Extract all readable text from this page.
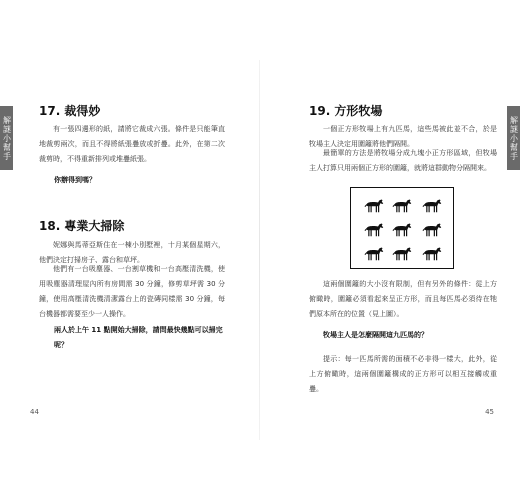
解謎小幫手
17. 裁得妙

有一張四邊形的紙，請將它裁成六張。條件是只能筆直地裁剪兩次，而且不得將紙張疊放或折疊。此外，在第二次裁剪時，不得重新排列或堆疊紙張。

你辦得到嗎？

18. 專業大掃除

妮娜與馬蒂亞斯住在一棟小別墅裡，十月某個星期六，他們決定打掃房子、露台和草坪。

他們有一台吸塵器、一台割草機和一台高壓清洗機，使用吸塵器清理屋內所有房間需 30 分鐘，修剪草坪需 30 分鐘，使用高壓清洗機清潔露台上的瓷磚同樣需 30 分鐘，每台機器都需要至少一人操作。

兩人於上午 11 點開始大掃除，請問最快幾點可以掃完呢？

44
解謎小幫手
19. 方形牧場

一個正方形牧場上有九匹馬，這些馬被此並不合，於是牧場主人決定用圍籬將他們隔開。

最簡單的方法是將牧場分成九塊小正方形區域，但牧場主人打算只用兩個正方形的圍籬，就將這群動物分隔開來。

這兩個圍籬的大小沒有限制，但有另外的條件：從上方俯瞰時，圍籬必須看起來呈正方形，而且每匹馬必須待在牠們原本所在的位置（見上圖）。

牧場主人是怎麼隔開這九匹馬的？

提示：每一匹馬所需的面積不必非得一樣大，此外，從上方俯瞰時，這兩個圍籬構成的正方形可以相互接觸或重疊。

45
